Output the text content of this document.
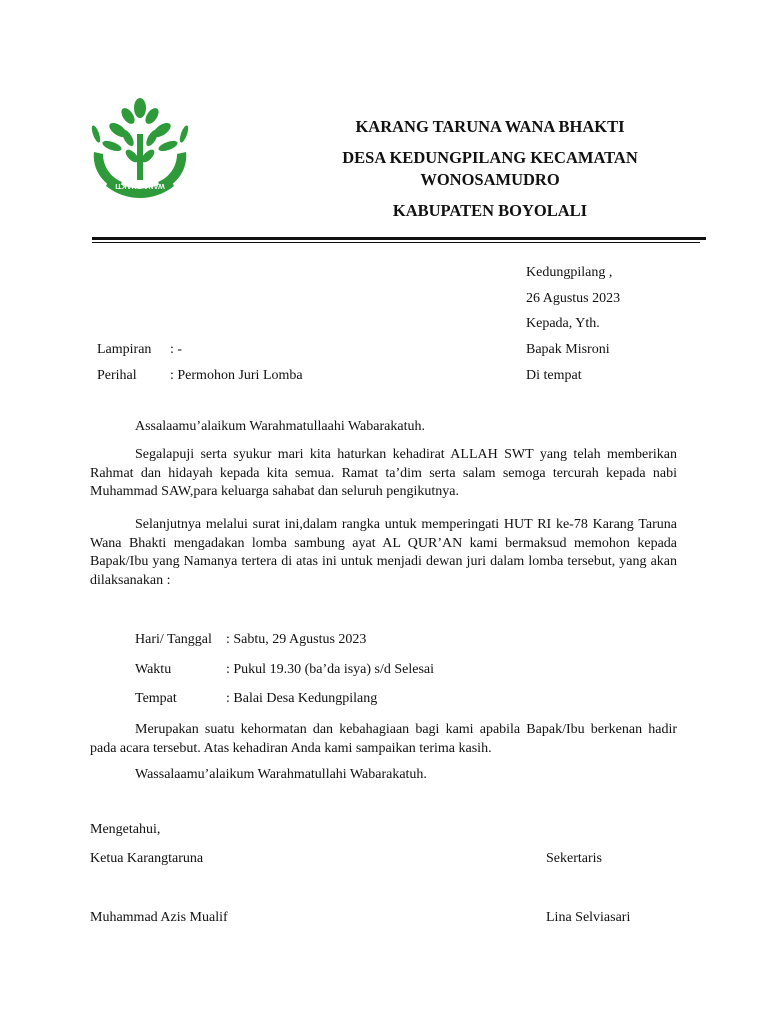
WANA BHAKTI
KARANG TARUNA WANA BHAKTI
DESA KEDUNGPILANG KECAMATAN
WONOSAMUDRO
KABUPATEN BOYOLALI
Kedungpilang ,
26 Agustus 2023
Kepada, Yth.
Bapak Misroni
Di tempat
Lampiran : -
Perihal : Permohon Juri Lomba
Assalaamu’alaikum Warahmatullaahi Wabarakatuh.
Segalapuji serta syukur mari kita haturkan kehadirat ALLAH SWT yang telah memberikan Rahmat dan hidayah kepada kita semua. Ramat ta’dim serta salam semoga tercurah kepada nabi Muhammad SAW,para keluarga sahabat dan seluruh pengikutnya.
Selanjutnya melalui surat ini,dalam rangka untuk memperingati HUT RI ke-78 Karang Taruna Wana Bhakti mengadakan lomba sambung ayat AL QUR’AN kami bermaksud memohon kepada Bapak/Ibu yang Namanya tertera di atas ini untuk menjadi dewan juri dalam lomba tersebut, yang akan dilaksanakan :
Hari/ Tanggal : Sabtu, 29 Agustus 2023
Waktu	: Pukul 19.30 (ba’da isya) s/d Selesai
Tempat	: Balai Desa Kedungpilang
Merupakan suatu kehormatan dan kebahagiaan bagi kami apabila Bapak/Ibu berkenan hadir pada acara tersebut. Atas kehadiran Anda kami sampaikan terima kasih.
Wassalaamu’alaikum Warahmatullahi Wabarakatuh.
Mengetahui,
Ketua Karangtaruna	Sekertaris
Muhammad Azis Mualif	Lina Selviasari
